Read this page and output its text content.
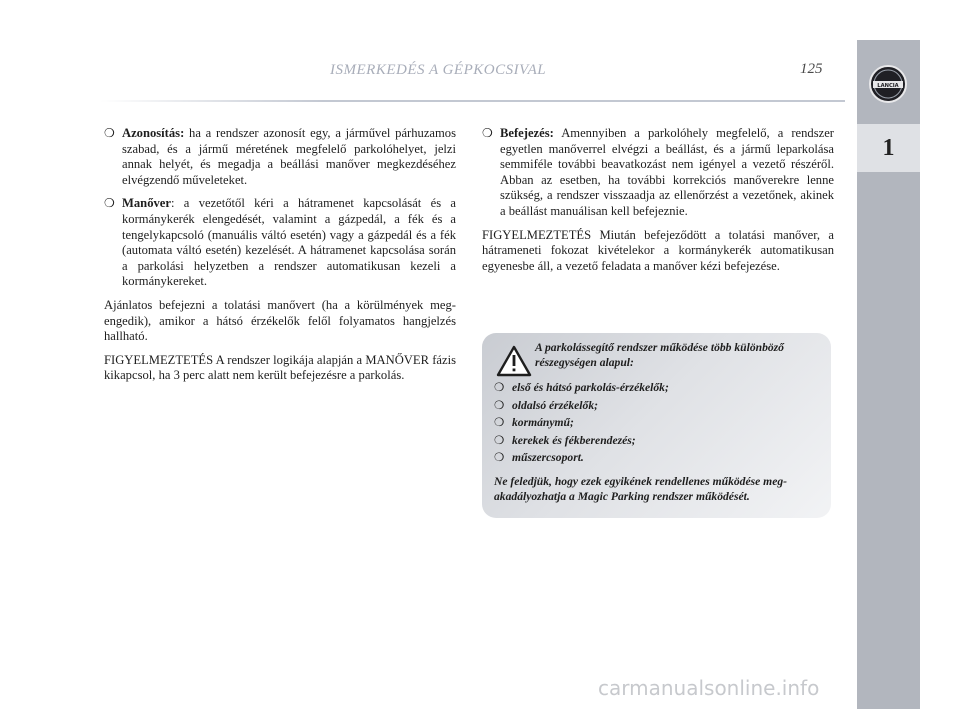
ISMERKEDÉS A GÉPKOCSIVAL	125
LANCIA
1
❍ Azonosítás: ha a rendszer azonosít egy, a járművel párhuzamos szabad, és a jármű méretének megfelelő parkolóhelyet, jelzi annak helyét, és megadja a beállási manőver megkezdéséhez elvégzendő műveleteket.
❍ Manőver: a vezetőtől kéri a hátramenet kapcsolását és a kormánykerék elengedését, valamint a gázpedál, a fék és a tengelykapcsoló (manuális váltó esetén) vagy a gázpedál és a fék (automata váltó esetén) kezelését. A hátramenet kapcsolása során a parkolási helyzetben a rendszer automatikusan kezeli a kormánykereket.

Ajánlatos befejezni a tolatási manővert (ha a körülmények megengedik), amikor a hátsó érzékelők felől folyamatos hangjelzés hallható.

FIGYELMEZTETÉS A rendszer logikája alapján a MANŐVER fázis kikapcsol, ha 3 perc alatt nem került befejezésre a parkolás.

❍ Befejezés: Amennyiben a parkolóhely megfelelő, a rendszer egyetlen manőverrel elvégzi a beállást, és a jármű leparkolása semmiféle további beavatkozást nem igényel a vezető részéről. Abban az esetben, ha további korrekciós manőverekre lenne szükség, a rendszer visszaadja az ellenőrzést a vezetőnek, akinek a beállást manuálisan kell befejeznie.

FIGYELMEZTETÉS Miután befejeződött a tolatási manőver, a hátrameneti fokozat kivételekor a kormánykerék automatikusan egyenesbe áll, a vezető feladata a manőver kézi befejezése.

A parkolássegítő rendszer működése több különböző részegységen alapul:
❍ első és hátsó parkolás-érzékelők;
❍ oldalsó érzékelők;
❍ kormánymű;
❍ kerekek és fékberendezés;
❍ műszercsoport.
Ne feledjük, hogy ezek egyikének rendellenes működése megakadályozhatja a Magic Parking rendszer működését.
carmanualsonline.info
